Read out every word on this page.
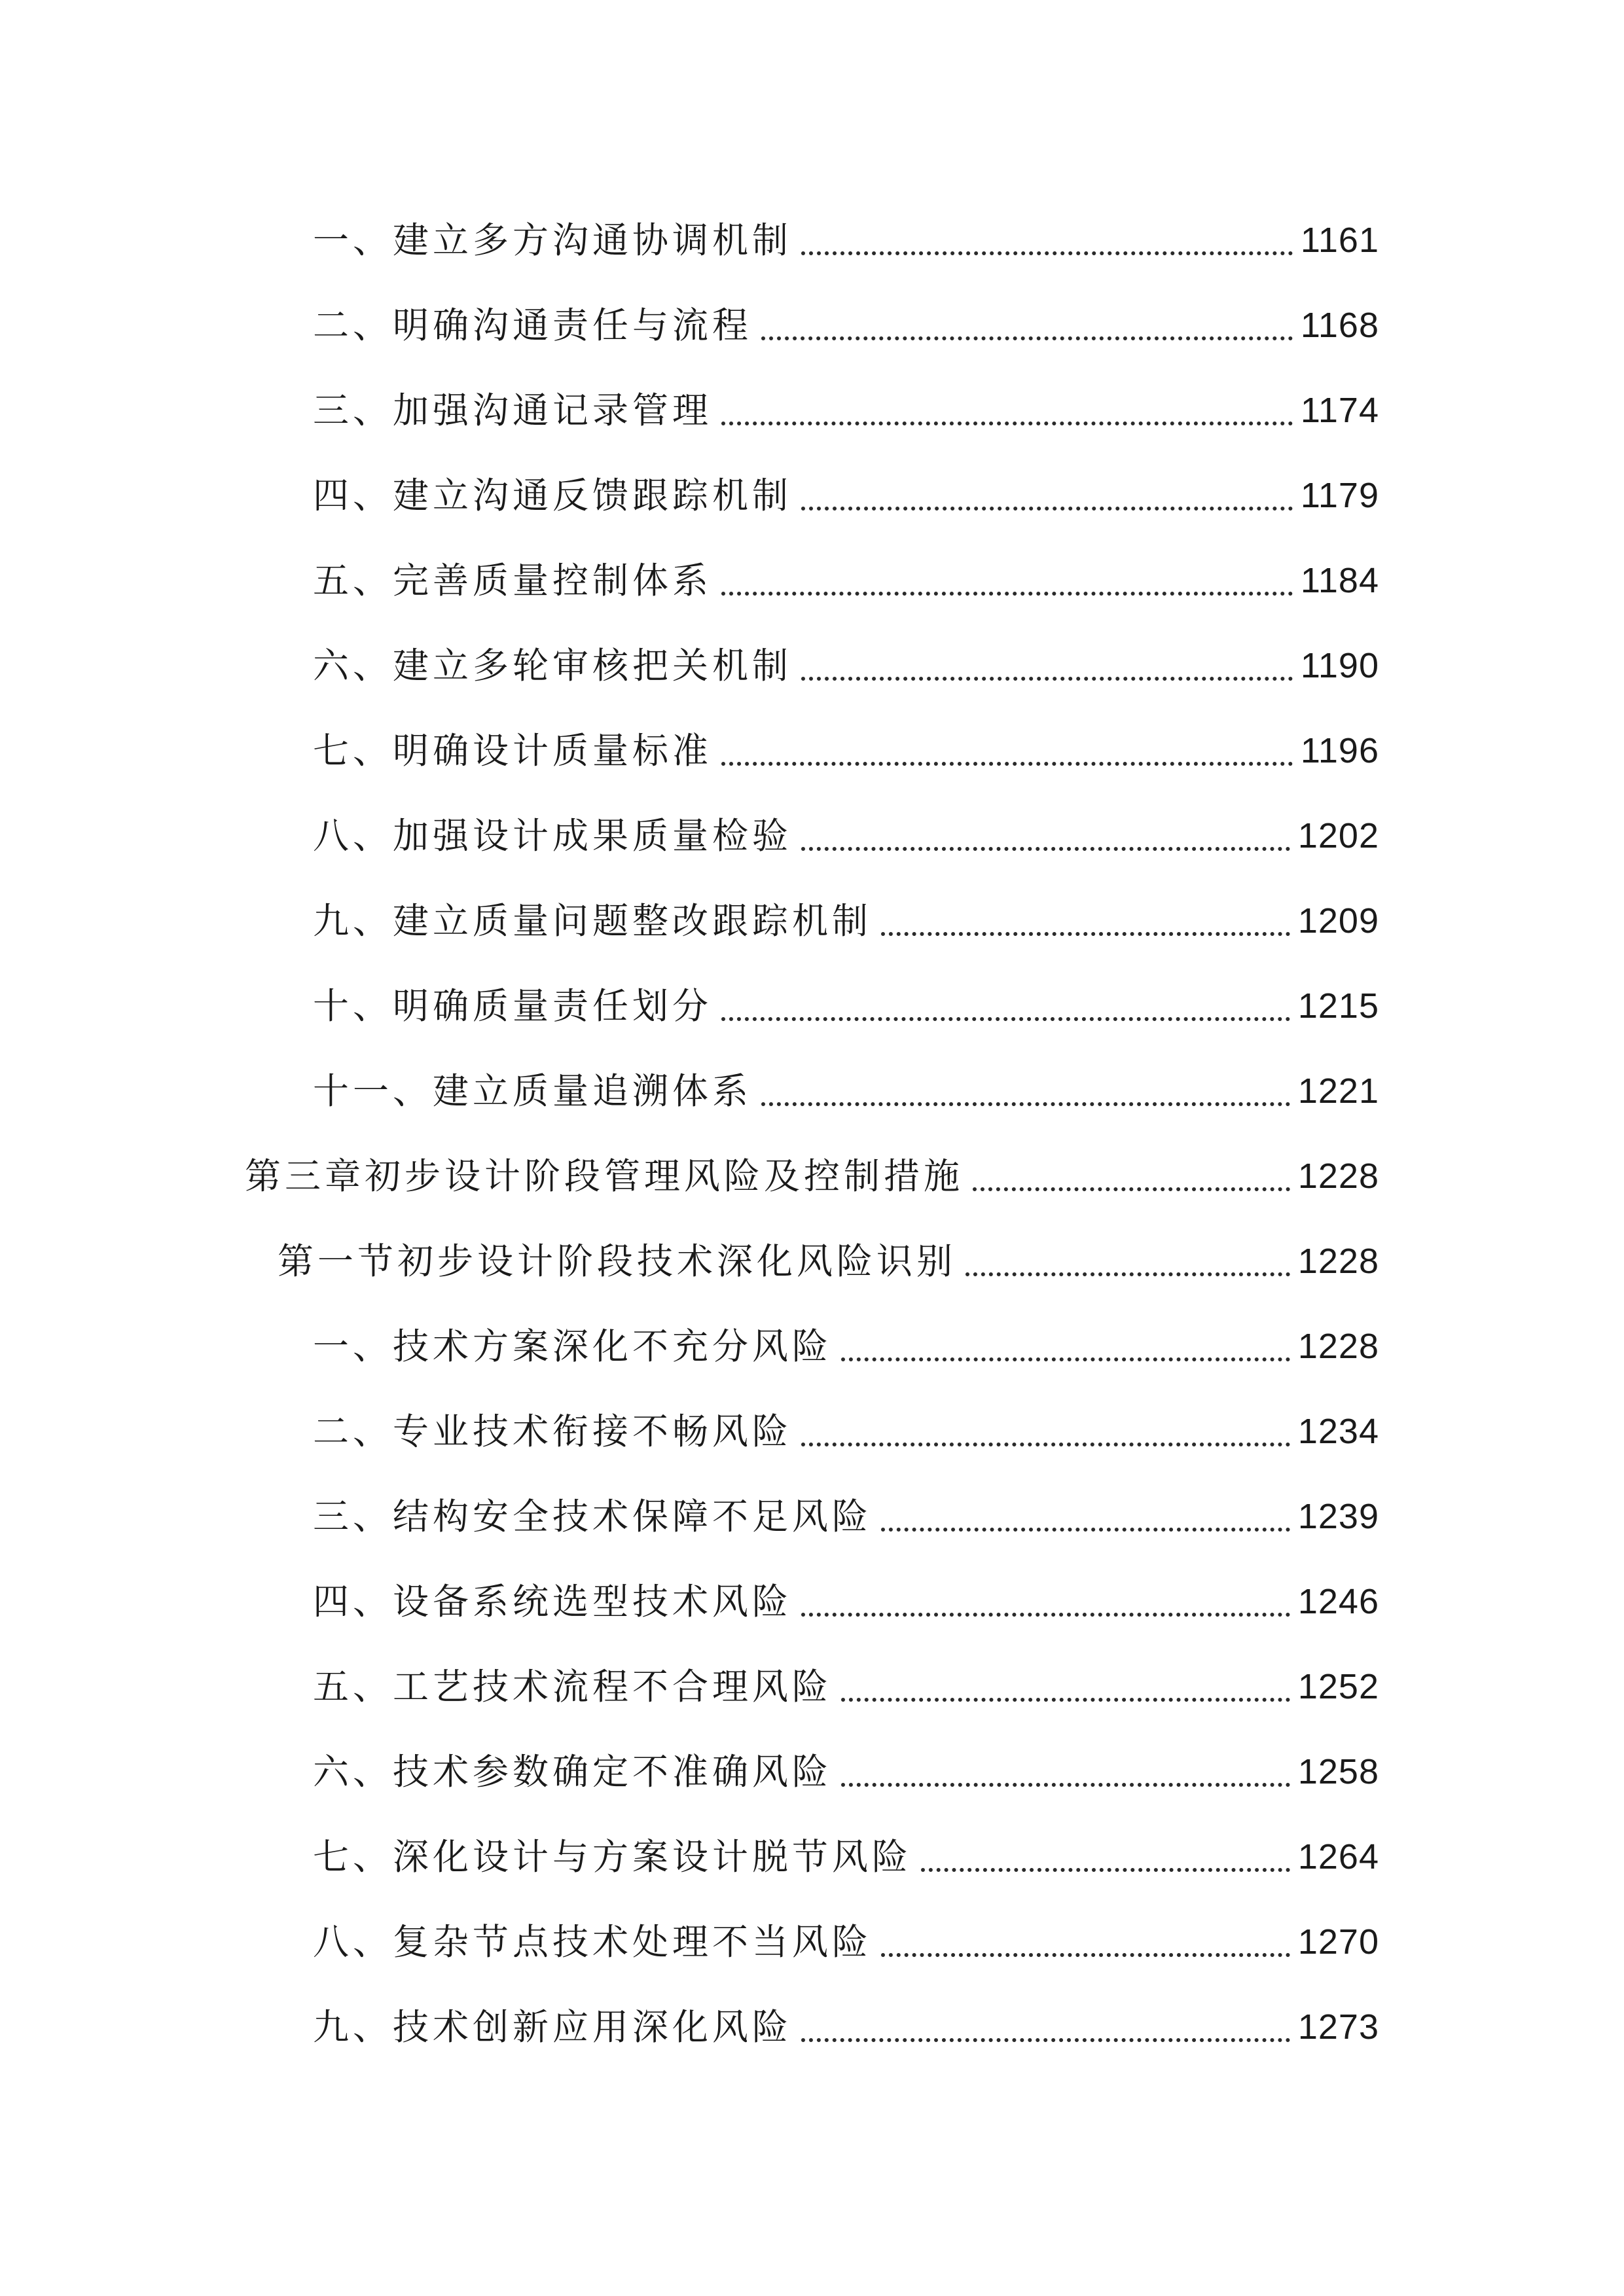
一、建立多方沟通协调机制	1161
二、明确沟通责任与流程	1168
三、加强沟通记录管理	1174
四、建立沟通反馈跟踪机制	1179
五、完善质量控制体系	1184
六、建立多轮审核把关机制	1190
七、明确设计质量标准	1196
八、加强设计成果质量检验	1202
九、建立质量问题整改跟踪机制	1209
十、明确质量责任划分	1215
十一、建立质量追溯体系	1221
第三章初步设计阶段管理风险及控制措施	1228
第一节初步设计阶段技术深化风险识别	1228
一、技术方案深化不充分风险	1228
二、专业技术衔接不畅风险	1234
三、结构安全技术保障不足风险	1239
四、设备系统选型技术风险	1246
五、工艺技术流程不合理风险	1252
六、技术参数确定不准确风险	1258
七、深化设计与方案设计脱节风险	1264
八、复杂节点技术处理不当风险	1270
九、技术创新应用深化风险	1273
